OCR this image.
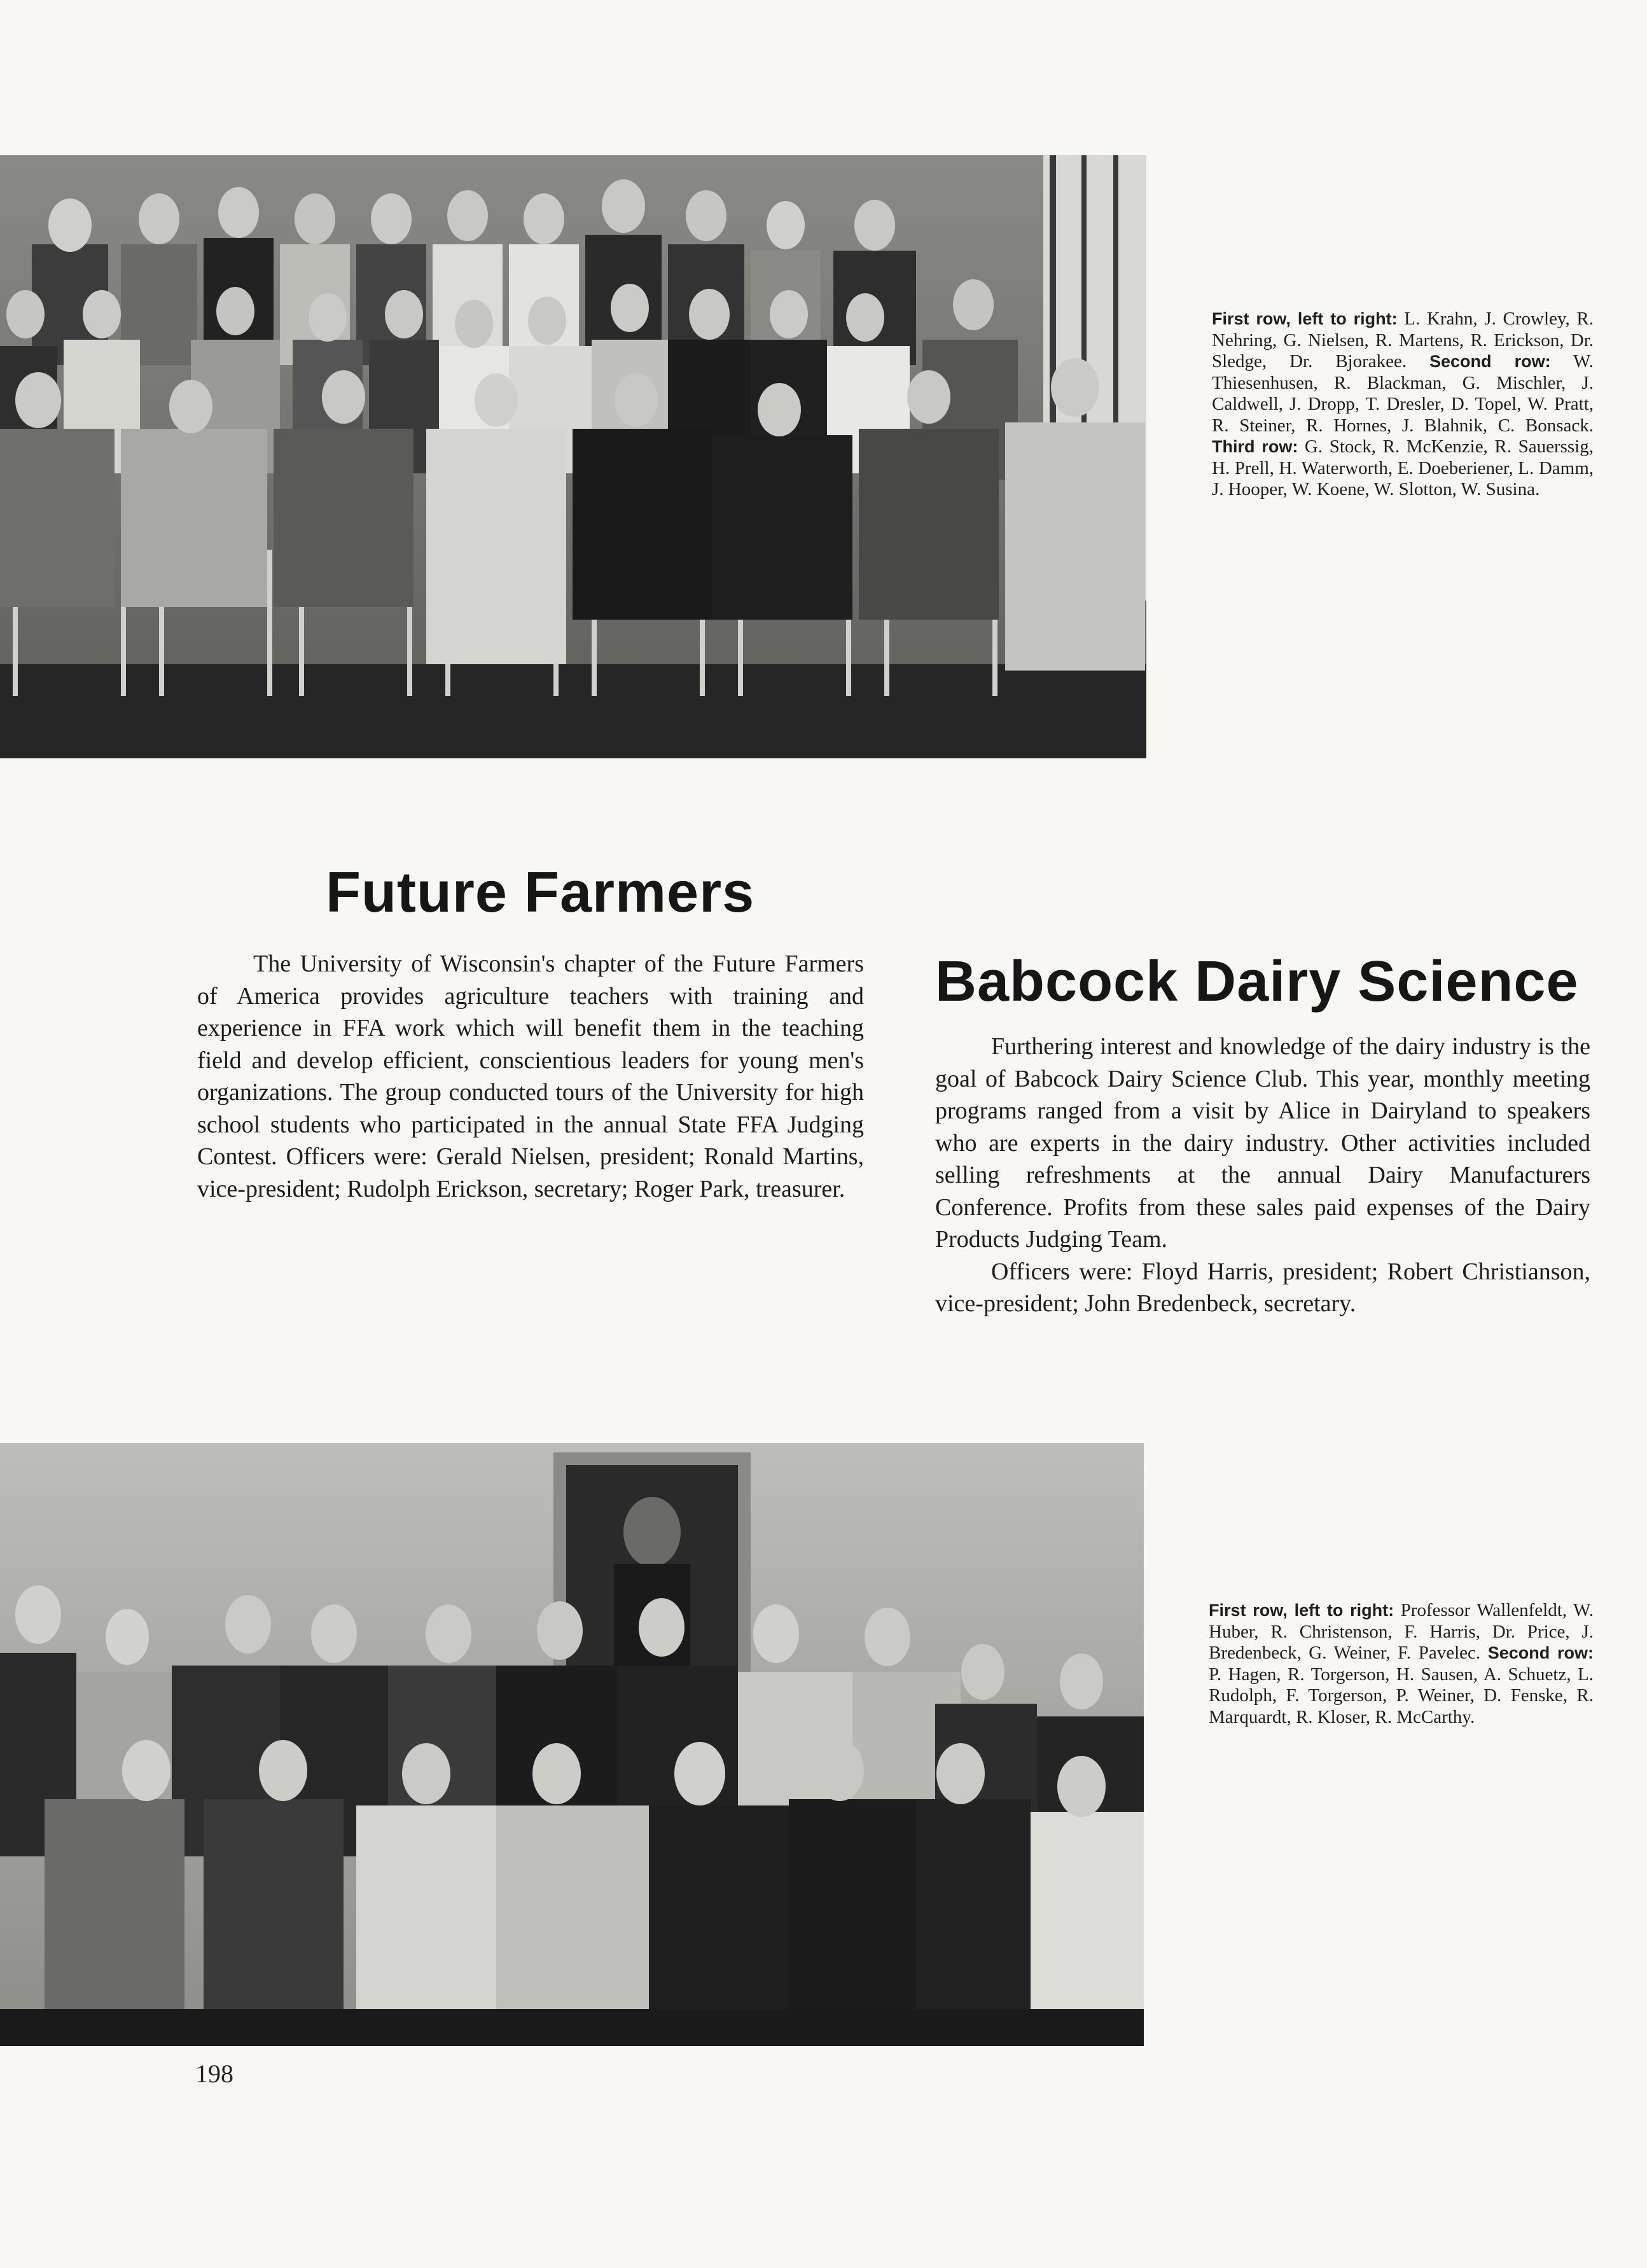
First row, left to right: L. Krahn, J. Crowley, R. Nehring, G. Nielsen, R. Martens, R. Erickson, Dr. Sledge, Dr. Bjorakee. Second row: W. Thiesenhusen, R. Blackman, G. Mischler, J. Caldwell, J. Dropp, T. Dresler, D. Topel, W. Pratt, R. Steiner, R. Hornes, J. Blahnik, C. Bonsack. Third row: G. Stock, R. McKenzie, R. Sauerssig, H. Prell, H. Waterworth, E. Doeberiener, L. Damm, J. Hooper, W. Koene, W. Slotton, W. Susina.
Future Farmers

The University of Wisconsin's chapter of the Future Farmers of America provides agriculture teachers with training and experience in FFA work which will benefit them in the teaching field and develop efficient, conscientious leaders for young men's organizations. The group conducted tours of the University for high school students who participated in the annual State FFA Judging Contest. Officers were: Gerald Nielsen, president; Ronald Martins, vice-president; Rudolph Erickson, secretary; Roger Park, treasurer.

Babcock Dairy Science

Furthering interest and knowledge of the dairy industry is the goal of Babcock Dairy Science Club. This year, monthly meeting programs ranged from a visit by Alice in Dairyland to speakers who are experts in the dairy industry. Other activities included selling refreshments at the annual Dairy Manufacturers Conference. Profits from these sales paid expenses of the Dairy Products Judging Team.

Officers were: Floyd Harris, president; Robert Christianson, vice-president; John Bredenbeck, secretary.

First row, left to right: Professor Wallenfeldt, W. Huber, R. Christenson, F. Harris, Dr. Price, J. Bredenbeck, G. Weiner, F. Pavelec. Second row: P. Hagen, R. Torgerson, H. Sausen, A. Schuetz, L. Rudolph, F. Torgerson, P. Weiner, D. Fenske, R. Marquardt, R. Kloser, R. McCarthy.
198
